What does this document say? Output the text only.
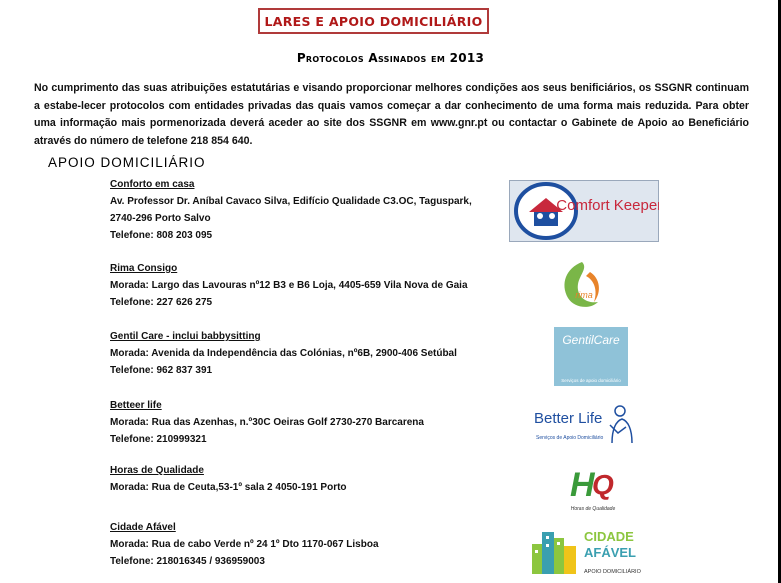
LARES E APOIO DOMICILIÁRIO
Protocolos Assinados em 2013
No cumprimento das suas atribuições estatutárias e visando proporcionar melhores condições aos seus benificiários, os SSGNR continuam a estabe-lecer protocolos com entidades privadas das quais vamos começar a dar conhecimento de uma forma mais reduzida. Para obter uma informação mais pormenorizada deverá aceder ao site dos SSGNR em www.gnr.pt ou contactar o Gabinete de Apoio ao Beneficiário através do número de telefone 218 854 640.
APOIO DOMICILIÁRIO
Conforto em casa
Av. Professor Dr. Aníbal Cavaco Silva, Edifício Qualidade C3.OC, Taguspark,
2740-296 Porto Salvo
Telefone: 808 203 095
Comfort Keepers
Rima Consigo
Morada: Largo das Lavouras nº12 B3 e B6 Loja, 4405-659 Vila Nova de Gaia
Telefone: 227 626 275
rima
Gentil Care - inclui babbysitting
Morada: Avenida da Independência das Colónias, nº6B, 2900-406 Setúbal
Telefone: 962 837 391
GentilCare
Serviços de apoio domiciliário
Betteer life
Morada: Rua das Azenhas, n.º30C Oeiras Golf 2730-270 Barcarena
Telefone: 210999321
Better Life
Serviços de Apoio Domiciliário
Horas de Qualidade
Morada: Rua de Ceuta,53-1º sala 2 4050-191 Porto	H
Q
Horas de Qualidade
Cidade Afável
Morada: Rua de cabo Verde nº 24 1º Dto 1170-067 Lisboa
Telefone: 218016345 / 936959003
CIDADE
AFÁVEL
APOIO DOMICILIÁRIO
